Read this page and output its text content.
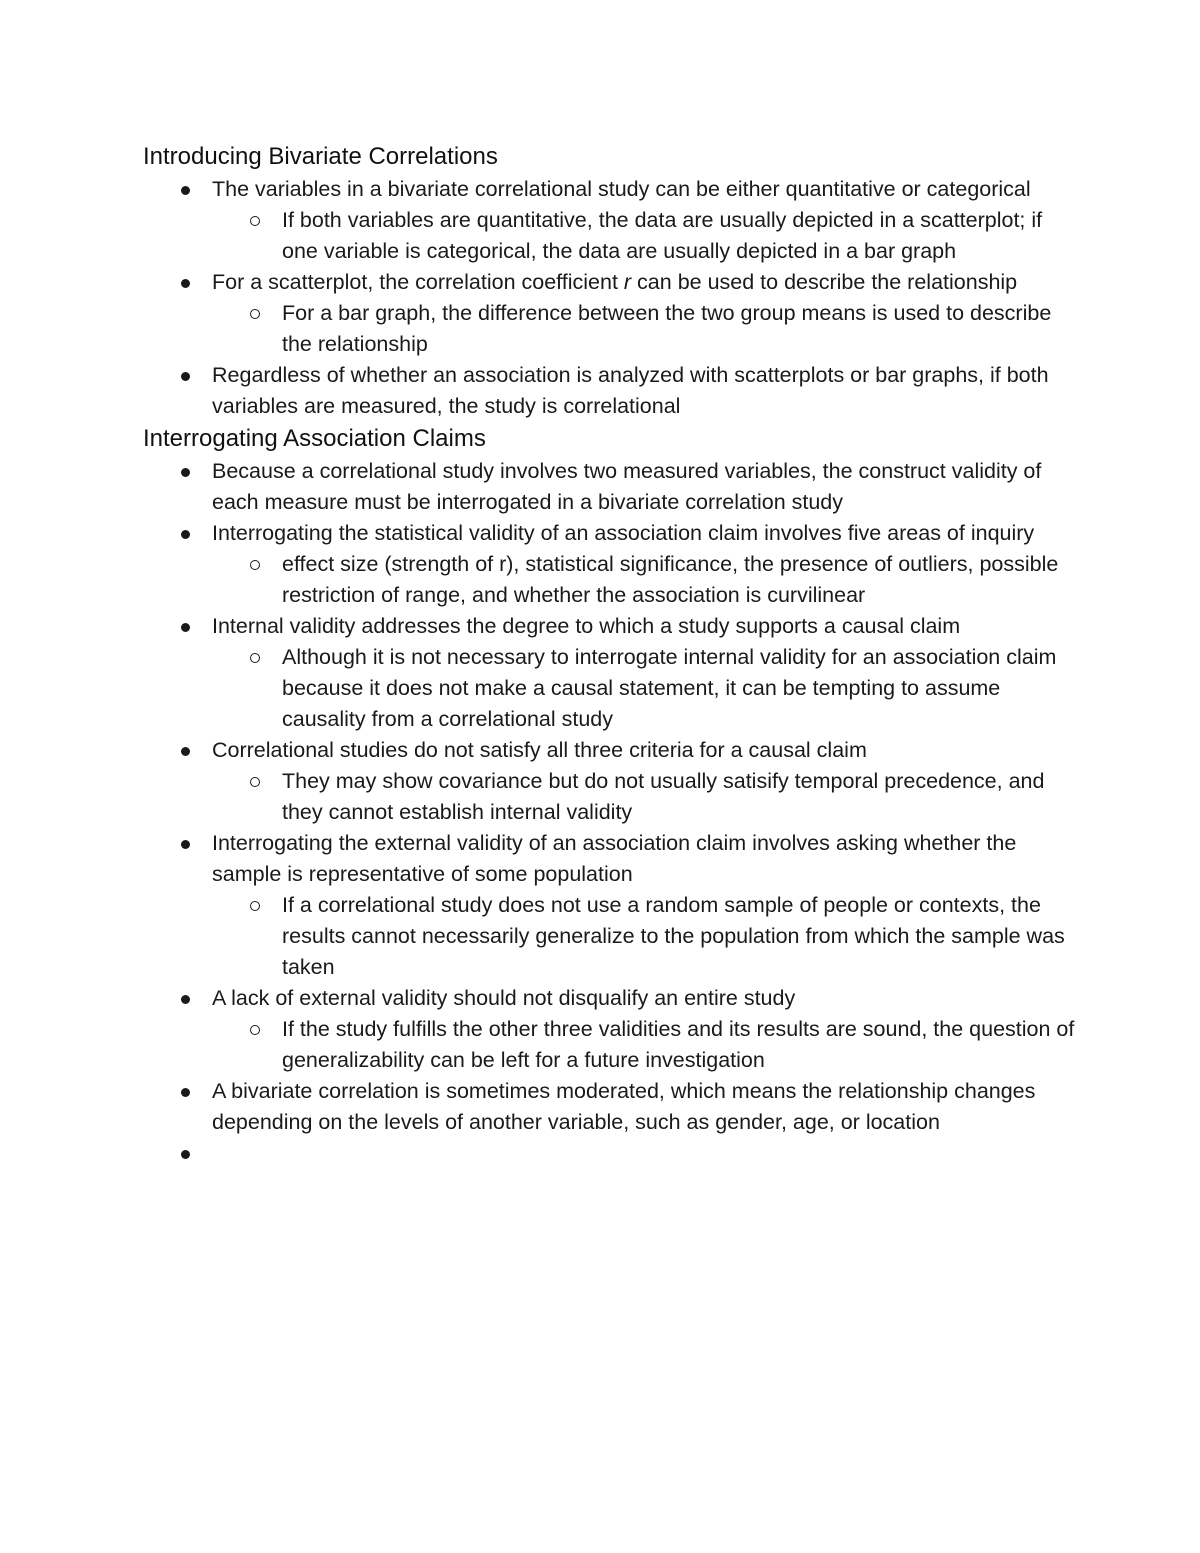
Introducing Bivariate Correlations
The variables in a bivariate correlational study can be either quantitative or categorical
If both variables are quantitative, the data are usually depicted in a scatterplot; if one variable is categorical, the data are usually depicted in a bar graph
For a scatterplot, the correlation coefficient r can be used to describe the relationship
For a bar graph, the difference between the two group means is used to describe the relationship
Regardless of whether an association is analyzed with scatterplots or bar graphs, if both variables are measured, the study is correlational
Interrogating Association Claims
Because a correlational study involves two measured variables, the construct validity of each measure must be interrogated in a bivariate correlation study
Interrogating the statistical validity of an association claim involves five areas of inquiry
effect size (strength of r), statistical significance, the presence of outliers, possible restriction of range, and whether the association is curvilinear
Internal validity addresses the degree to which a study supports a causal claim
Although it is not necessary to interrogate internal validity for an association claim because it does not make a causal statement, it can be tempting to assume causality from a correlational study
Correlational studies do not satisfy all three criteria for a causal claim
They may show covariance but do not usually satisify temporal precedence, and they cannot establish internal validity
Interrogating the external validity of an association claim involves asking whether the sample is representative of some population
If a correlational study does not use a random sample of people or contexts, the results cannot necessarily generalize to the population from which the sample was taken
A lack of external validity should not disqualify an entire study
If the study fulfills the other three validities and its results are sound, the question of generalizability can be left for a future investigation
A bivariate correlation is sometimes moderated, which means the relationship changes depending on the levels of another variable, such as gender, age, or location
